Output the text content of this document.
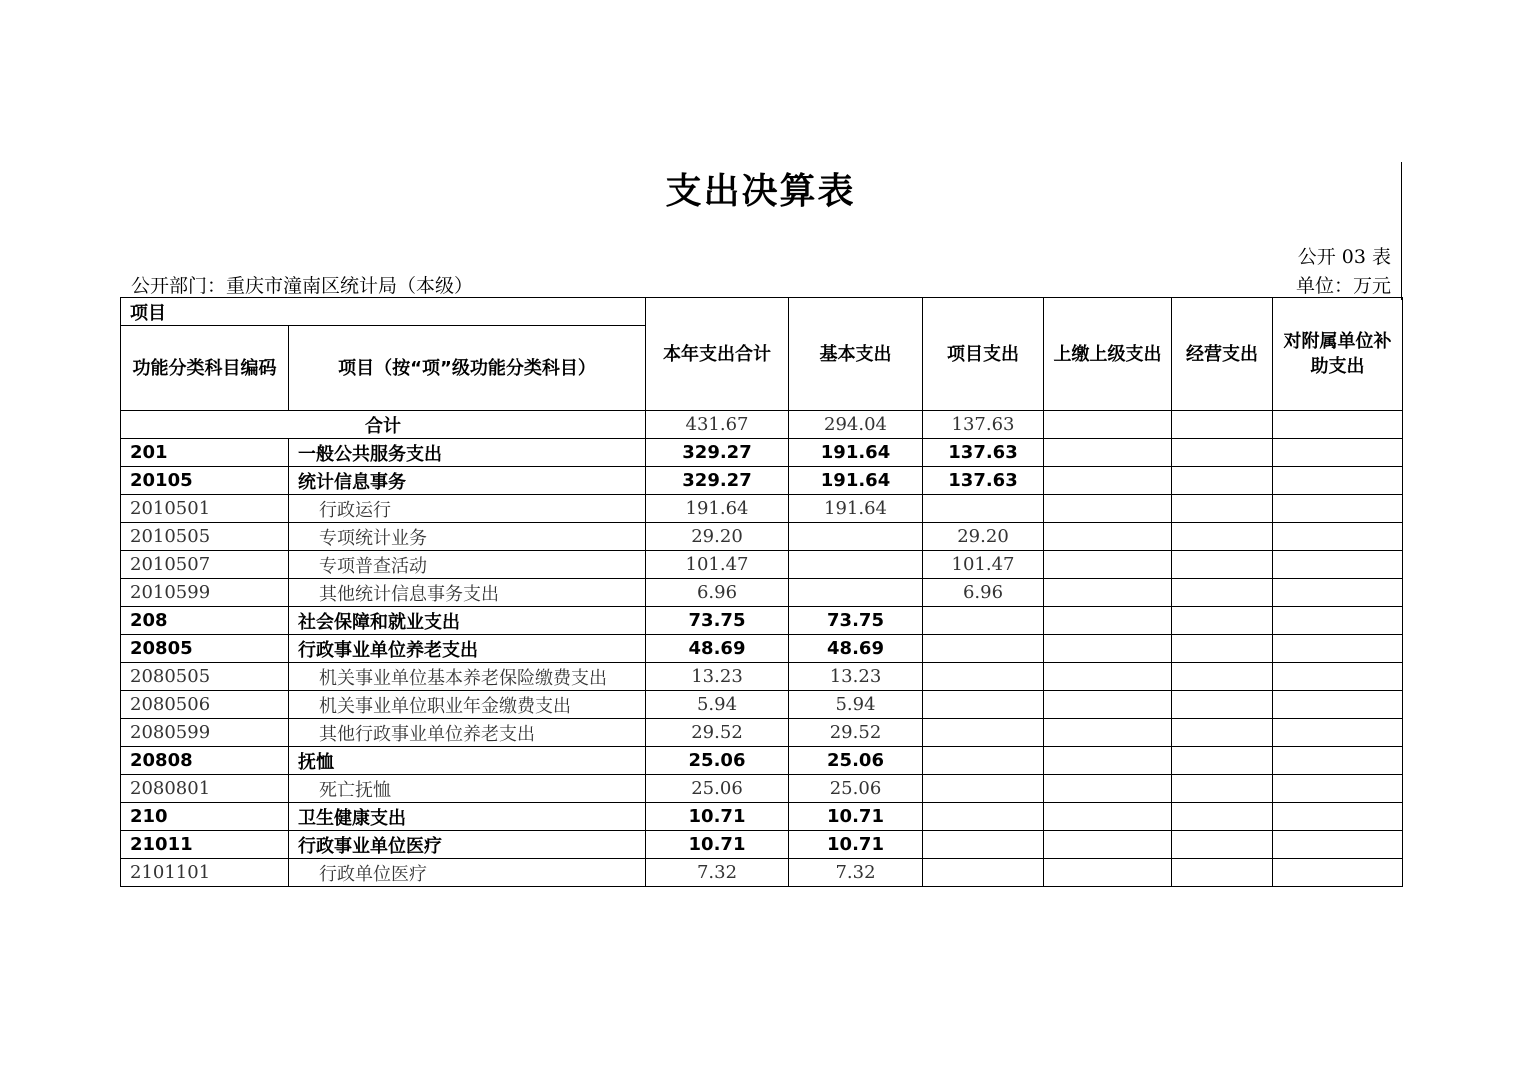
支出决算表
公开 03 表
公开部门：重庆市潼南区统计局（本级）	单位：万元
项目		本年支出合计	基本支出	项目支出	上缴上级支出	经营支出	对附属单位补助支出
功能分类科目编码	项目（按“项”级功能分类科目）						
合计		431.67	294.04	137.63			
201	一般公共服务支出	329.27	191.64	137.63			
20105	统计信息事务	329.27	191.64	137.63			
2010501	行政运行	191.64	191.64				
2010505	专项统计业务	29.20		29.20			
2010507	专项普查活动	101.47		101.47			
2010599	其他统计信息事务支出	6.96		6.96			
208	社会保障和就业支出	73.75	73.75				
20805	行政事业单位养老支出	48.69	48.69				
2080505	机关事业单位基本养老保险缴费支出	13.23	13.23				
2080506	机关事业单位职业年金缴费支出	5.94	5.94				
2080599	其他行政事业单位养老支出	29.52	29.52				
20808	抚恤	25.06	25.06				
2080801	死亡抚恤	25.06	25.06				
210	卫生健康支出	10.71	10.71				
21011	行政事业单位医疗	10.71	10.71				
2101101	行政单位医疗	7.32	7.32				
